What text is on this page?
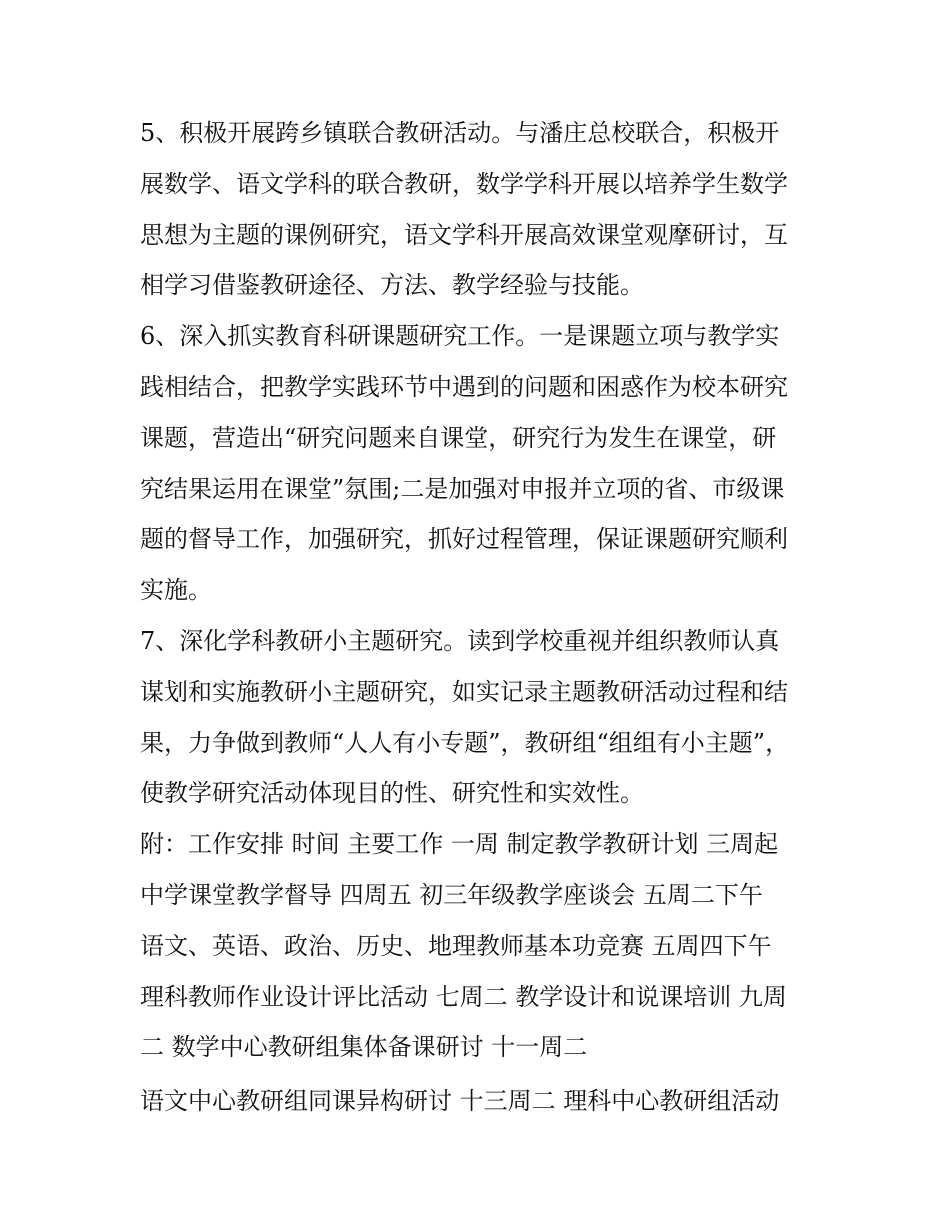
5、积极开展跨乡镇联合教研活动。与潘庄总校联合，积极开
展数学、语文学科的联合教研，数学学科开展以培养学生数学
思想为主题的课例研究，语文学科开展高效课堂观摩研讨，互
相学习借鉴教研途径、方法、教学经验与技能。
6、深入抓实教育科研课题研究工作。一是课题立项与教学实
践相结合，把教学实践环节中遇到的问题和困惑作为校本研究
课题，营造出“研究问题来自课堂，研究行为发生在课堂，研
究结果运用在课堂”氛围;二是加强对申报并立项的省、市级课
题的督导工作，加强研究，抓好过程管理，保证课题研究顺利
实施。
7、深化学科教研小主题研究。读到学校重视并组织教师认真
谋划和实施教研小主题研究，如实记录主题教研活动过程和结
果，力争做到教师“人人有小专题”，教研组“组组有小主题”，
使教学研究活动体现目的性、研究性和实效性。
附：工作安排 时间 主要工作 一周 制定教学教研计划 三周起
中学课堂教学督导 四周五 初三年级教学座谈会 五周二下午
语文、英语、政治、历史、地理教师基本功竞赛 五周四下午
理科教师作业设计评比活动 七周二 教学设计和说课培训 九周
二 数学中心教研组集体备课研讨 十一周二
语文中心教研组同课异构研讨 十三周二 理科中心教研组活动
